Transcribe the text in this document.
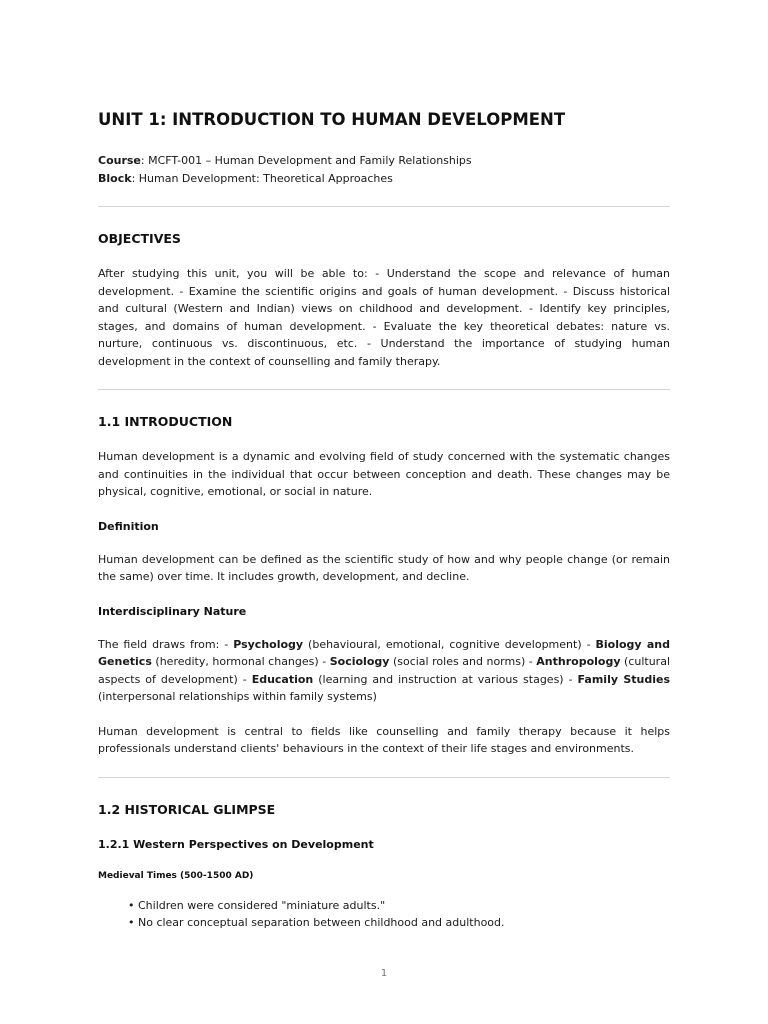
UNIT 1: INTRODUCTION TO HUMAN DEVELOPMENT

Course: MCFT-001 – Human Development and Family Relationships

Block: Human Development: Theoretical Approaches

OBJECTIVES

After studying this unit, you will be able to: - Understand the scope and relevance of human development. - Examine the scientific origins and goals of human development. - Discuss historical and cultural (Western and Indian) views on childhood and development. - Identify key principles, stages, and domains of human development. - Evaluate the key theoretical debates: nature vs. nurture, continuous vs. discontinuous, etc. - Understand the importance of studying human development in the context of counselling and family therapy.

1.1 INTRODUCTION

Human development is a dynamic and evolving field of study concerned with the systematic changes and continuities in the individual that occur between conception and death. These changes may be physical, cognitive, emotional, or social in nature.

Definition

Human development can be defined as the scientific study of how and why people change (or remain the same) over time. It includes growth, development, and decline.

Interdisciplinary Nature

The field draws from: - Psychology (behavioural, emotional, cognitive development) - Biology and Genetics (heredity, hormonal changes) - Sociology (social roles and norms) - Anthropology (cultural aspects of development) - Education (learning and instruction at various stages) - Family Studies (interpersonal relationships within family systems)

Human development is central to fields like counselling and family therapy because it helps professionals understand clients' behaviours in the context of their life stages and environments.

1.2 HISTORICAL GLIMPSE
1.2.1 Western Perspectives on Development
Medieval Times (500-1500 AD)
• Children were considered "miniature adults."
• No clear conceptual separation between childhood and adulthood.
1
